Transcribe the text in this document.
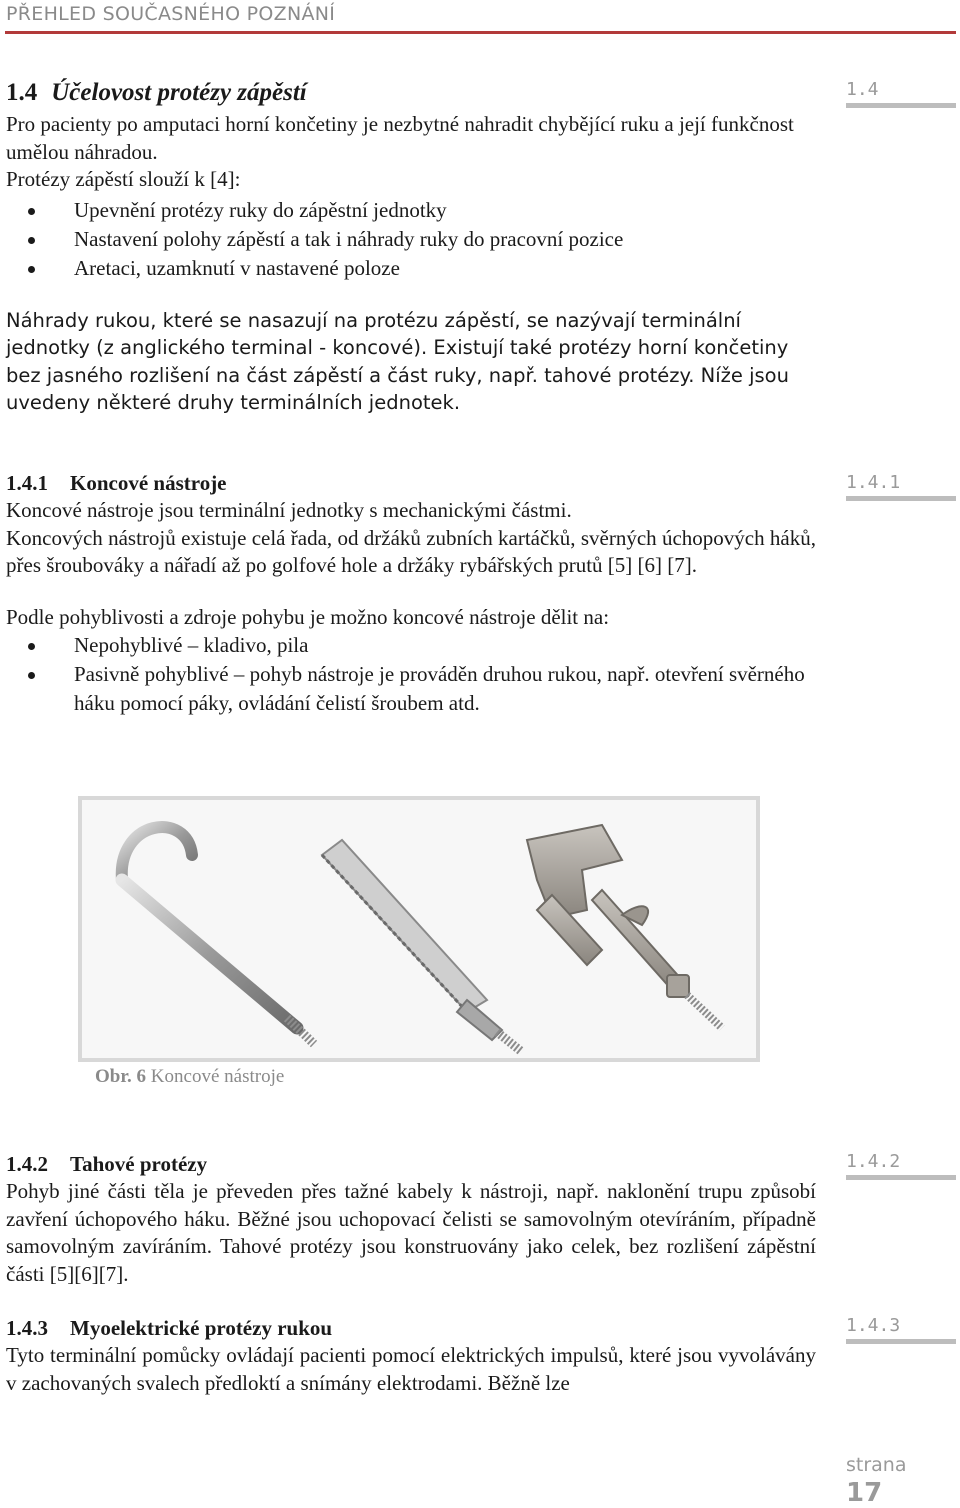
PŘEHLED SOUČASNÉHO POZNÁNÍ
1.4 Účelovost protézy zápěstí

Pro pacienty po amputaci horní končetiny je nezbytné nahradit chybějící ruku a její funkčnost umělou náhradou.

Protézy zápěstí slouží k [4]:

Upevnění protézy ruky do zápěstní jednotky
Nastavení polohy zápěstí a tak i náhrady ruky do pracovní pozice
Aretaci, uzamknutí v nastavené poloze

Náhrady rukou, které se nasazují na protézu zápěstí, se nazývají terminální jednotky (z anglického terminal - koncové). Existují také protézy horní končetiny bez jasného rozlišení na část zápěstí a část ruky, např. tahové protézy. Níže jsou uvedeny některé druhy terminálních jednotek.

1.4
1.4.1 Koncové nástroje

Koncové nástroje jsou terminální jednotky s mechanickými částmi.

Koncových nástrojů existuje celá řada, od držáků zubních kartáčků, svěrných úchopových háků, přes šroubováky a nářadí až po golfové hole a držáky rybářských prutů [5] [6] [7].

Podle pohyblivosti a zdroje pohybu je možno koncové nástroje dělit na:

Nepohyblivé – kladivo, pila
Pasivně pohyblivé – pohyb nástroje je prováděn druhou rukou, např. otevření svěrného háku pomocí páky, ovládání čelistí šroubem atd.
1.4.1
Obr. 6 Koncové nástroje
1.4.2 Tahové protézy

Pohyb jiné části těla je převeden přes tažné kabely k nástroji, např. naklonění trupu způsobí zavření úchopového háku. Běžné jsou uchopovací čelisti se samovolným otevíráním, případně samovolným zavíráním. Tahové protézy jsou konstruovány jako celek, bez rozlišení zápěstní části [5][6][7].

1.4.2
1.4.3 Myoelektrické protézy rukou

Tyto terminální pomůcky ovládají pacienti pomocí elektrických impulsů, které jsou vyvolávány v zachovaných svalech předloktí a snímány elektrodami. Běžně lze

1.4.3
strana
17
